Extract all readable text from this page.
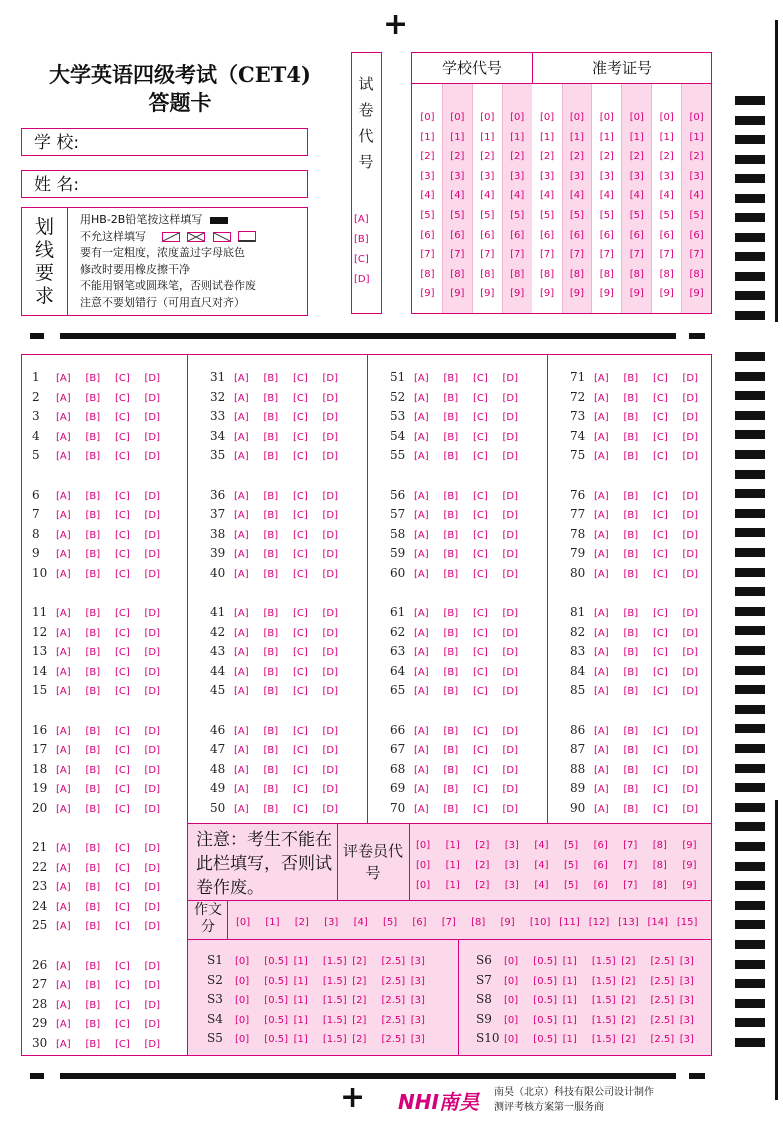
+
+
大学英语四级考试（CET4)
答题卡
学 校:
姓 名:
划
线
要
求
用HB-2B铅笔按这样填写
不允这样填写

要有一定粗度，浓度盖过字母底色
修改时要用橡皮擦干净
不能用钢笔或圆珠笔，否则试卷作废
注意不要划错行（可用直尺对齐）
试
卷
代
号
[A]
[B]
[C]
[D]
学校代号	准考证号
[0]
[1]
[2]
[3]
[4]
[5]
[6]
[7]
[8]
[9]
[0]
[1]
[2]
[3]
[4]
[5]
[6]
[7]
[8]
[9]
[0]
[1]
[2]
[3]
[4]
[5]
[6]
[7]
[8]
[9]
[0]
[1]
[2]
[3]
[4]
[5]
[6]
[7]
[8]
[9]
[0]
[1]
[2]
[3]
[4]
[5]
[6]
[7]
[8]
[9]
[0]
[1]
[2]
[3]
[4]
[5]
[6]
[7]
[8]
[9]
[0]
[1]
[2]
[3]
[4]
[5]
[6]
[7]
[8]
[9]
[0]
[1]
[2]
[3]
[4]
[5]
[6]
[7]
[8]
[9]
[0]
[1]
[2]
[3]
[4]
[5]
[6]
[7]
[8]
[9]
[0]
[1]
[2]
[3]
[4]
[5]
[6]
[7]
[8]
[9]
注意：考生不能在此栏填写，否则试卷作废。
评卷员代号
[0] [1] [2] [3] [4] [5] [6] [7] [8] [9]
[0] [1] [2] [3] [4] [5] [6] [7] [8] [9]
[0] [1] [2] [3] [4] [5] [6] [7] [8] [9]
作文分	[0] [1] [2] [3] [4] [5] [6] [7] [8] [9] [10] [11] [12] [13] [14] [15]
S1 [0] [0.5] [1] [1.5] [2] [2.5] [3]
S2 [0] [0.5] [1] [1.5] [2] [2.5] [3]
S3 [0] [0.5] [1] [1.5] [2] [2.5] [3]
S4 [0] [0.5] [1] [1.5] [2] [2.5] [3]
S5 [0] [0.5] [1] [1.5] [2] [2.5] [3]
S6 [0] [0.5] [1] [1.5] [2] [2.5] [3]
S7 [0] [0.5] [1] [1.5] [2] [2.5] [3]
S8 [0] [0.5] [1] [1.5] [2] [2.5] [3]
S9 [0] [0.5] [1] [1.5] [2] [2.5] [3]
S10 [0] [0.5] [1] [1.5] [2] [2.5] [3]
1 [A] [B] [C] [D]
2 [A] [B] [C] [D]
3 [A] [B] [C] [D]
4 [A] [B] [C] [D]
5 [A] [B] [C] [D]
6 [A] [B] [C] [D]
7 [A] [B] [C] [D]
8 [A] [B] [C] [D]
9 [A] [B] [C] [D]
10 [A] [B] [C] [D]
11 [A] [B] [C] [D]
12 [A] [B] [C] [D]
13 [A] [B] [C] [D]
14 [A] [B] [C] [D]
15 [A] [B] [C] [D]
16 [A] [B] [C] [D]
17 [A] [B] [C] [D]
18 [A] [B] [C] [D]
19 [A] [B] [C] [D]
20 [A] [B] [C] [D]
21 [A] [B] [C] [D]
22 [A] [B] [C] [D]
23 [A] [B] [C] [D]
24 [A] [B] [C] [D]
25 [A] [B] [C] [D]
26 [A] [B] [C] [D]
27 [A] [B] [C] [D]
28 [A] [B] [C] [D]
29 [A] [B] [C] [D]
30 [A] [B] [C] [D]
31 [A] [B] [C] [D]
32 [A] [B] [C] [D]
33 [A] [B] [C] [D]
34 [A] [B] [C] [D]
35 [A] [B] [C] [D]
36 [A] [B] [C] [D]
37 [A] [B] [C] [D]
38 [A] [B] [C] [D]
39 [A] [B] [C] [D]
40 [A] [B] [C] [D]
41 [A] [B] [C] [D]
42 [A] [B] [C] [D]
43 [A] [B] [C] [D]
44 [A] [B] [C] [D]
45 [A] [B] [C] [D]
46 [A] [B] [C] [D]
47 [A] [B] [C] [D]
48 [A] [B] [C] [D]
49 [A] [B] [C] [D]
50 [A] [B] [C] [D]
51 [A] [B] [C] [D]
52 [A] [B] [C] [D]
53 [A] [B] [C] [D]
54 [A] [B] [C] [D]
55 [A] [B] [C] [D]
56 [A] [B] [C] [D]
57 [A] [B] [C] [D]
58 [A] [B] [C] [D]
59 [A] [B] [C] [D]
60 [A] [B] [C] [D]
61 [A] [B] [C] [D]
62 [A] [B] [C] [D]
63 [A] [B] [C] [D]
64 [A] [B] [C] [D]
65 [A] [B] [C] [D]
66 [A] [B] [C] [D]
67 [A] [B] [C] [D]
68 [A] [B] [C] [D]
69 [A] [B] [C] [D]
70 [A] [B] [C] [D]
71 [A] [B] [C] [D]
72 [A] [B] [C] [D]
73 [A] [B] [C] [D]
74 [A] [B] [C] [D]
75 [A] [B] [C] [D]
76 [A] [B] [C] [D]
77 [A] [B] [C] [D]
78 [A] [B] [C] [D]
79 [A] [B] [C] [D]
80 [A] [B] [C] [D]
81 [A] [B] [C] [D]
82 [A] [B] [C] [D]
83 [A] [B] [C] [D]
84 [A] [B] [C] [D]
85 [A] [B] [C] [D]
86 [A] [B] [C] [D]
87 [A] [B] [C] [D]
88 [A] [B] [C] [D]
89 [A] [B] [C] [D]
90 [A] [B] [C] [D]
NHI南昊 南昊（北京）科技有限公司设计制作
测评考核方案第一服务商
